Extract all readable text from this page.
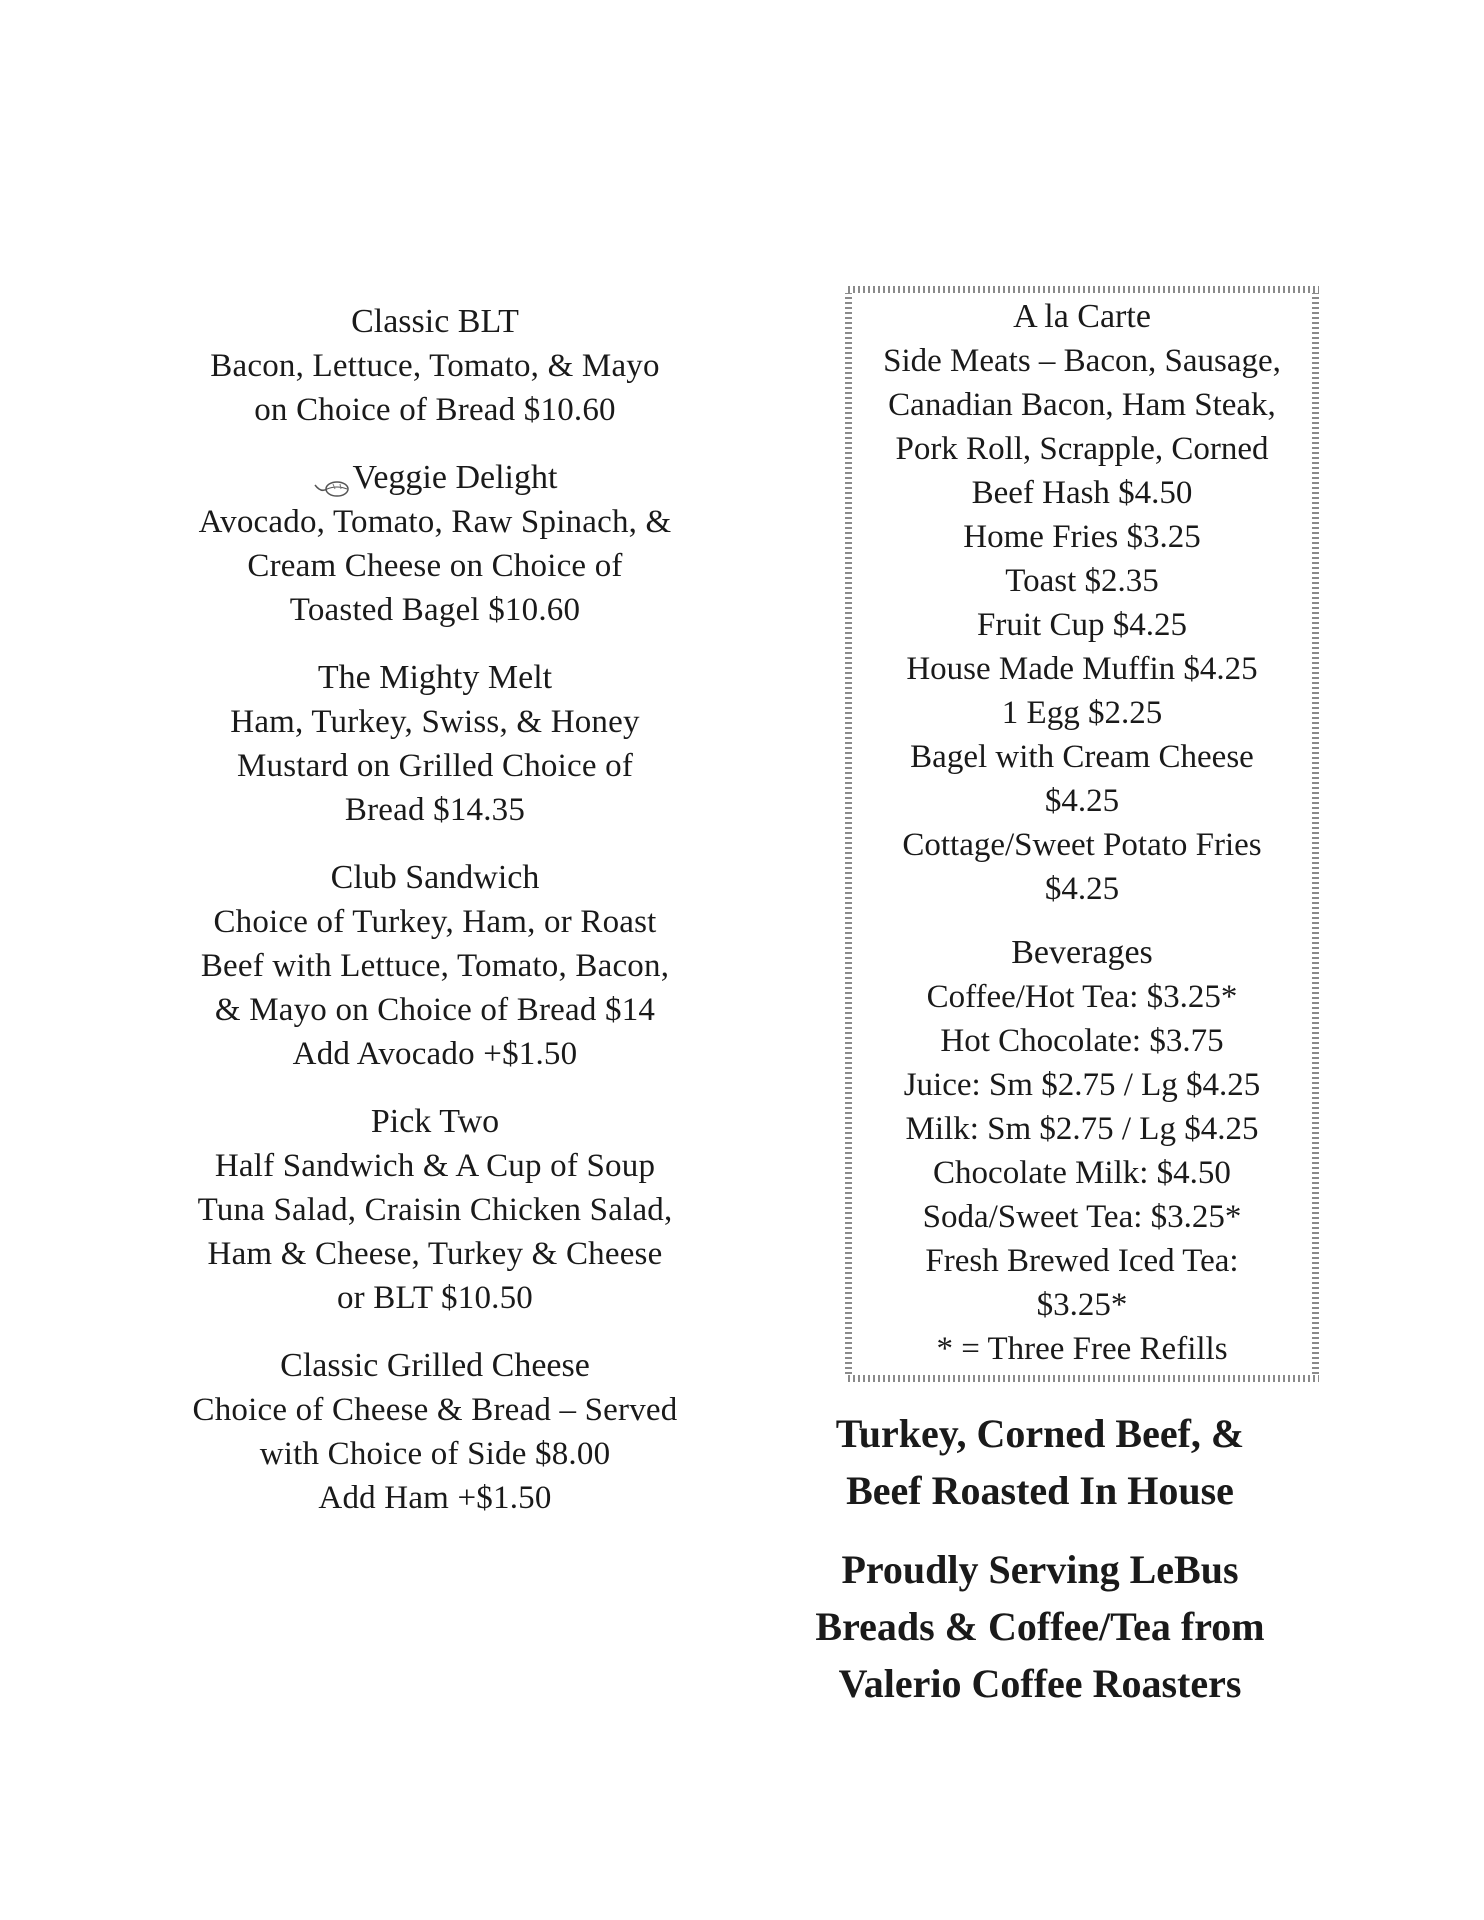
Classic BLT
Bacon, Lettuce, Tomato, & Mayo
on Choice of Bread $10.60
Veggie Delight
Avocado, Tomato, Raw Spinach, &
Cream Cheese on Choice of
Toasted Bagel $10.60
The Mighty Melt
Ham, Turkey, Swiss, & Honey
Mustard on Grilled Choice of
Bread $14.35
Club Sandwich
Choice of Turkey, Ham, or Roast
Beef with Lettuce, Tomato, Bacon,
& Mayo on Choice of Bread $14
Add Avocado +$1.50
Pick Two
Half Sandwich & A Cup of Soup
Tuna Salad, Craisin Chicken Salad,
Ham & Cheese, Turkey & Cheese
or BLT $10.50
Classic Grilled Cheese
Choice of Cheese & Bread – Served
with Choice of Side $8.00
Add Ham +$1.50
A la Carte
Side Meats – Bacon, Sausage,
Canadian Bacon, Ham Steak,
Pork Roll, Scrapple, Corned
Beef Hash $4.50
Home Fries $3.25
Toast $2.35
Fruit Cup $4.25
House Made Muffin $4.25
1 Egg $2.25
Bagel with Cream Cheese
$4.25
Cottage/Sweet Potato Fries
$4.25
Beverages
Coffee/Hot Tea: $3.25*
Hot Chocolate: $3.75
Juice: Sm $2.75 / Lg $4.25
Milk: Sm $2.75 / Lg $4.25
Chocolate Milk: $4.50
Soda/Sweet Tea: $3.25*
Fresh Brewed Iced Tea:
$3.25*
* = Three Free Refills

Turkey, Corned Beef, &
Beef Roasted In House

Proudly Serving LeBus
Breads & Coffee/Tea from
Valerio Coffee Roasters
